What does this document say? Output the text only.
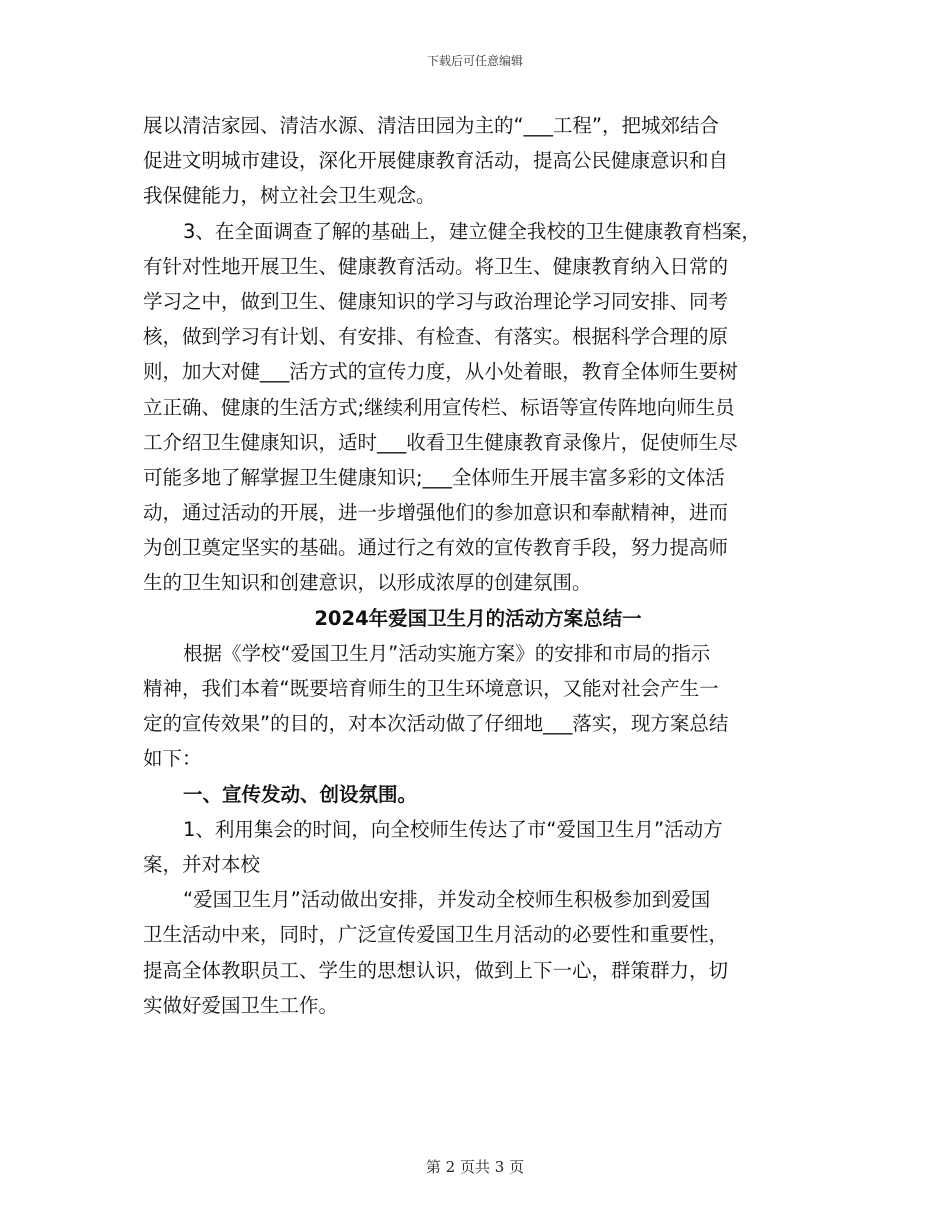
下载后可任意编辑
展以清洁家园、清洁水源、清洁田园为主的“___工程”，把城郊结合
促进文明城市建设，深化开展健康教育活动，提高公民健康意识和自
我保健能力，树立社会卫生观念。
3、在全面调查了解的基础上，建立健全我校的卫生健康教育档案，
有针对性地开展卫生、健康教育活动。将卫生、健康教育纳入日常的
学习之中，做到卫生、健康知识的学习与政治理论学习同安排、同考
核，做到学习有计划、有安排、有检查、有落实。根据科学合理的原
则，加大对健___活方式的宣传力度，从小处着眼，教育全体师生要树
立正确、健康的生活方式;继续利用宣传栏、标语等宣传阵地向师生员
工介绍卫生健康知识，适时___收看卫生健康教育录像片，促使师生尽
可能多地了解掌握卫生健康知识;___全体师生开展丰富多彩的文体活
动，通过活动的开展，进一步增强他们的参加意识和奉献精神，进而
为创卫奠定坚实的基础。通过行之有效的宣传教育手段，努力提高师
生的卫生知识和创建意识，以形成浓厚的创建氛围。
2024年爱国卫生月的活动方案总结一
根据《学校“爱国卫生月”活动实施方案》的安排和市局的指示
精神，我们本着“既要培育师生的卫生环境意识，又能对社会产生一
定的宣传效果”的目的，对本次活动做了仔细地___落实，现方案总结
如下：
一、宣传发动、创设氛围。
1、利用集会的时间，向全校师生传达了市“爱国卫生月”活动方
案，并对本校
“爱国卫生月”活动做出安排，并发动全校师生积极参加到爱国
卫生活动中来，同时，广泛宣传爱国卫生月活动的必要性和重要性，
提高全体教职员工、学生的思想认识，做到上下一心，群策群力，切
实做好爱国卫生工作。
第 2 页共 3 页
